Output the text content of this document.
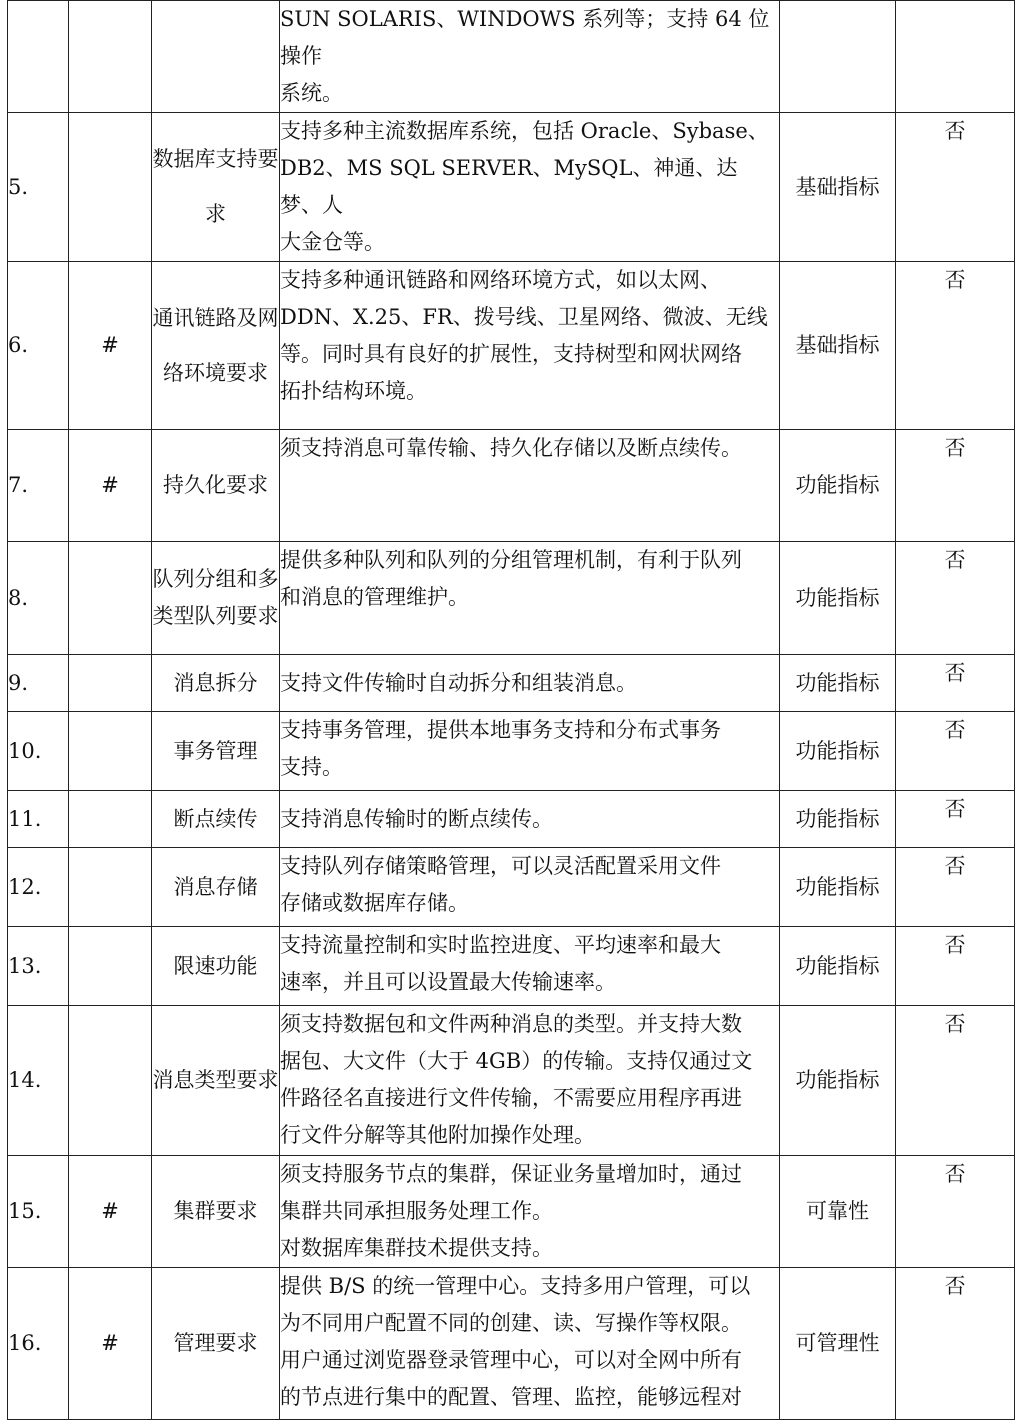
			SUN SOLARIS、WINDOWS 系列等；支持 64 位操作
系统。		

5.		数据库支持要求	支持多种主流数据库系统，包括 Oracle、Sybase、
DB2、MS SQL SERVER、MySQL、神通、达梦、人
大金仓等。	基础指标	否
6.	#	通讯链路及网络环境要求	支持多种通讯链路和网络环境方式，如以太网、
DDN、X.25、FR、拨号线、卫星网络、微波、无线
等。同时具有良好的扩展性，支持树型和网状网络
拓扑结构环境。	基础指标	否
7.	#	持久化要求	须支持消息可靠传输、持久化存储以及断点续传。	功能指标	否
8.		队列分组和多类型队列要求	提供多种队列和队列的分组管理机制，有利于队列
和消息的管理维护。	功能指标	否
9.		消息拆分	支持文件传输时自动拆分和组装消息。	功能指标	否
10.		事务管理	支持事务管理，提供本地事务支持和分布式事务
支持。	功能指标	否
11.		断点续传	支持消息传输时的断点续传。	功能指标	否
12.		消息存储	支持队列存储策略管理，可以灵活配置采用文件
存储或数据库存储。	功能指标	否
13.		限速功能	支持流量控制和实时监控进度、平均速率和最大
速率，并且可以设置最大传输速率。	功能指标	否
14.		消息类型要求	须支持数据包和文件两种消息的类型。并支持大数
据包、大文件（大于 4GB）的传输。支持仅通过文
件路径名直接进行文件传输，不需要应用程序再进
行文件分解等其他附加操作处理。	功能指标	否
15.	#	集群要求	须支持服务节点的集群，保证业务量增加时，通过
集群共同承担服务处理工作。
对数据库集群技术提供支持。	可靠性	否
16.	#	管理要求	提供 B/S 的统一管理中心。支持多用户管理，可以
为不同用户配置不同的创建、读、写操作等权限。
用户通过浏览器登录管理中心，可以对全网中所有
的节点进行集中的配置、管理、监控，能够远程对	可管理性	否
